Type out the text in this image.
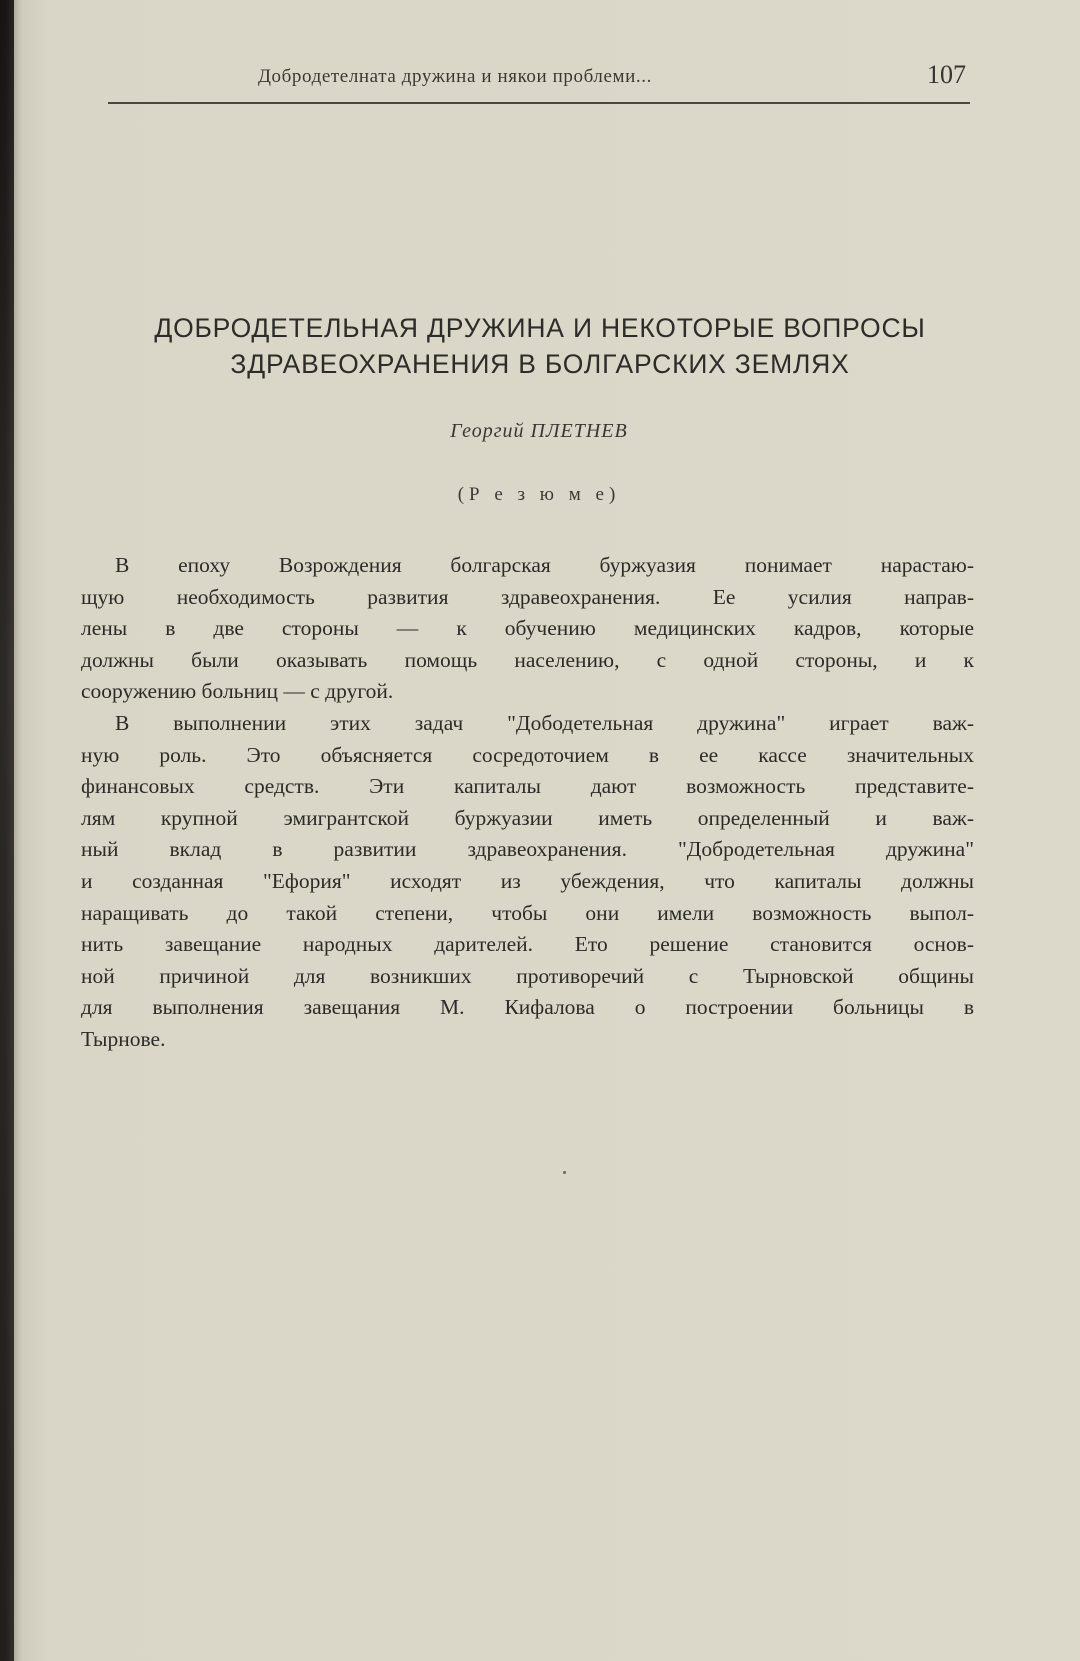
Добродетелната дружина и някои проблеми...	107
ДОБРОДЕТЕЛЬНАЯ ДРУЖИНА И НЕКОТОРЫЕ ВОПРОСЫ
ЗДРАВЕОХРАНЕНИЯ В БОЛГАРСКИХ ЗЕМЛЯХ
Георгий ПЛЕТНЕВ
(Р е з ю м е)
В епоху Возрождения болгарская буржуазия понимает нарастаю-
щую необходимость развития здравеохранения. Ее усилия направ-
лены в две стороны — к обучению медицинских кадров, которые
должны были оказывать помощь населению, с одной стороны, и к
сооружению больниц — с другой.
В выполнении этих задач "Дободетельная дружина" играет важ-
ную роль. Это объясняется сосредоточием в ее кассе значительных
финансовых средств. Эти капиталы дают возможность представите-
лям крупной эмигрантской буржуазии иметь определенный и важ-
ный вклад в развитии здравеохранения. "Добродетельная дружина"
и созданная "Ефория" исходят из убеждения, что капиталы должны
наращивать до такой степени, чтобы они имели возможность выпол-
нить завещание народных дарителей. Ето решение становится основ-
ной причиной для возникших противоречий с Тырновской общины
для выполнения завещания М. Кифалова о построении больницы в
Тырнове.
